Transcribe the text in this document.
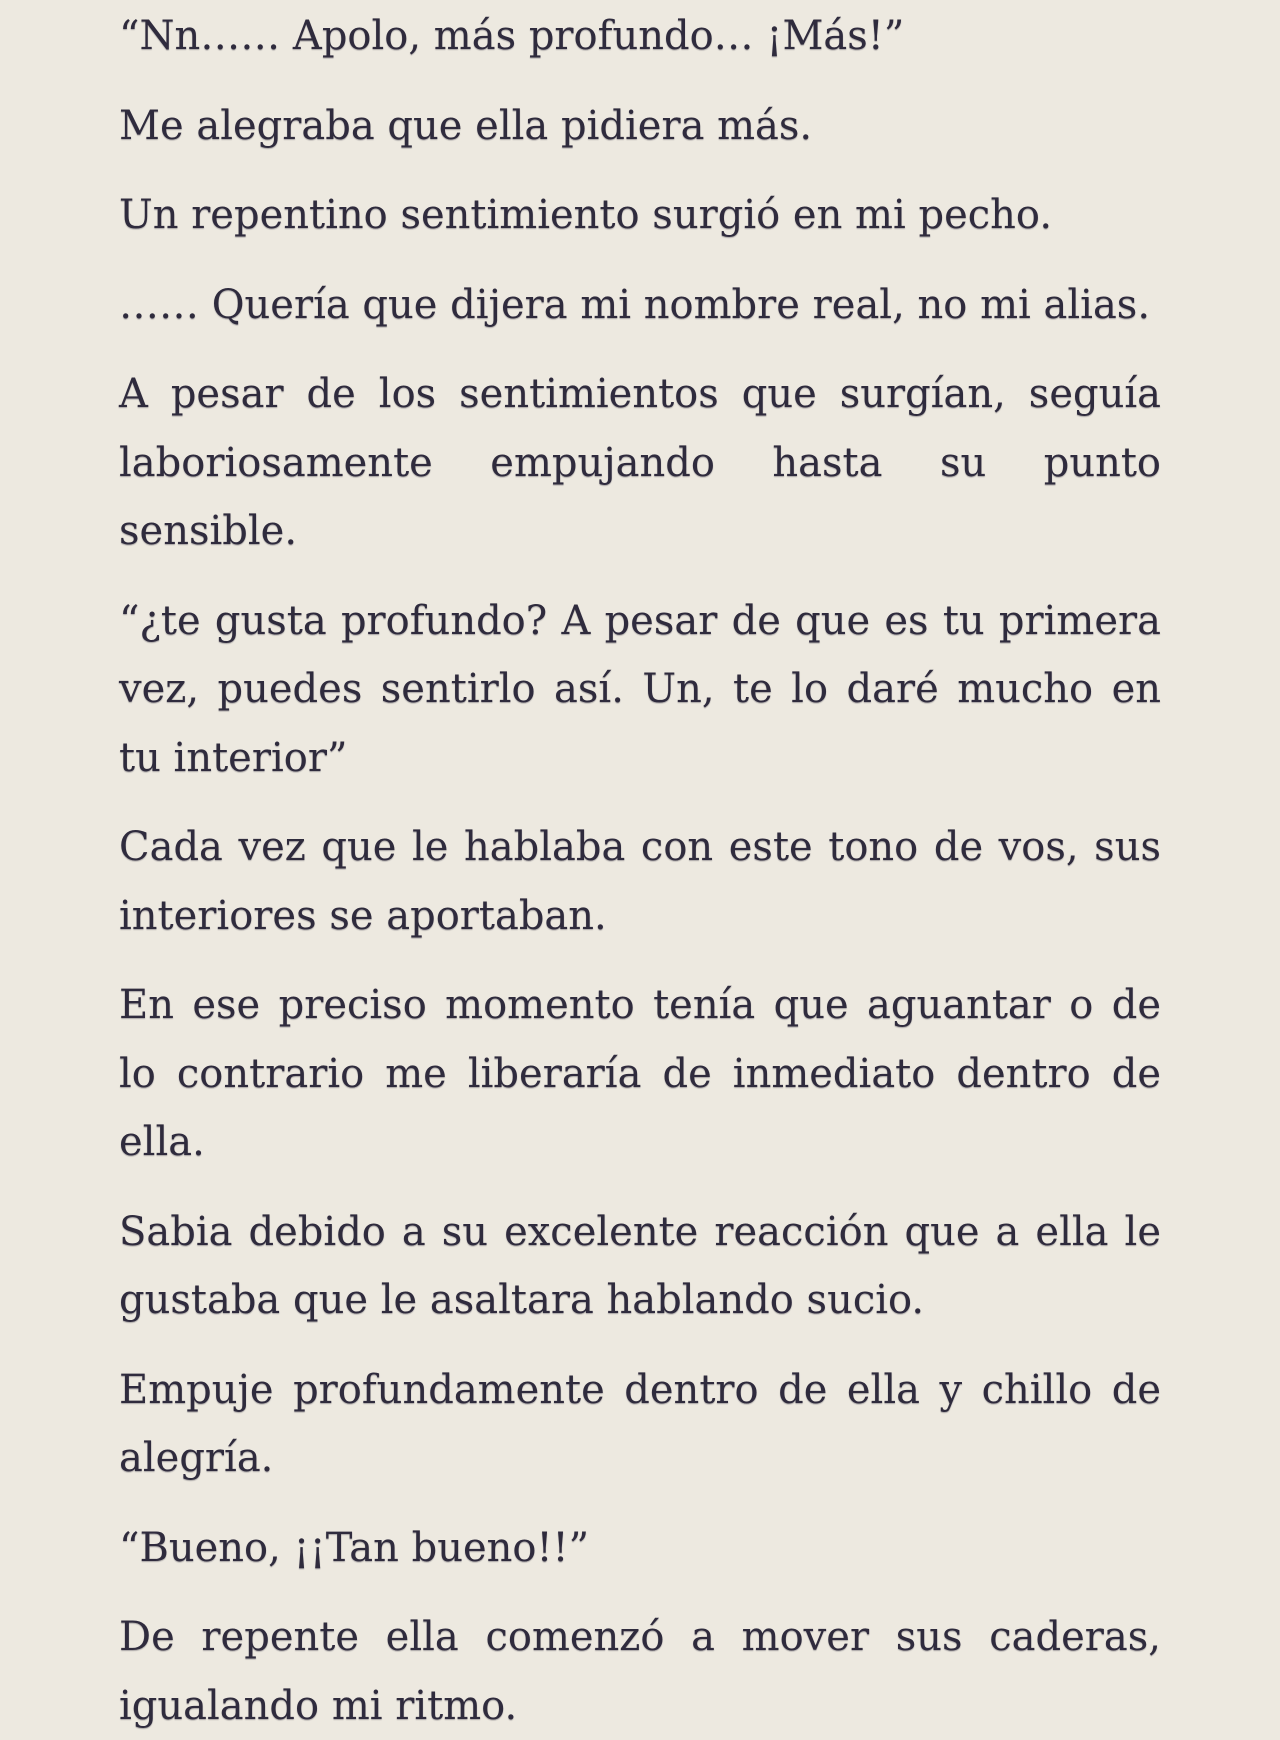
“Nn…… Apolo, más profundo… ¡Más!”

Me alegraba que ella pidiera más.

Un repentino sentimiento surgió en mi pecho.

…… Quería que dijera mi nombre real, no mi alias.

A pesar de los sentimientos que surgían, seguía laboriosamente empujando hasta su punto sensible.

“¿te gusta profundo? A pesar de que es tu primera vez, puedes sentirlo así. Un, te lo daré mucho en tu interior”

Cada vez que le hablaba con este tono de vos, sus interiores se aportaban.

En ese preciso momento tenía que aguantar o de lo contrario me liberaría de inmediato dentro de ella.

Sabia debido a su excelente reacción que a ella le gustaba que le asaltara hablando sucio.

Empuje profundamente dentro de ella y chillo de alegría.

“Bueno, ¡¡Tan bueno!!”

De repente ella comenzó a mover sus caderas, igualando mi ritmo.
